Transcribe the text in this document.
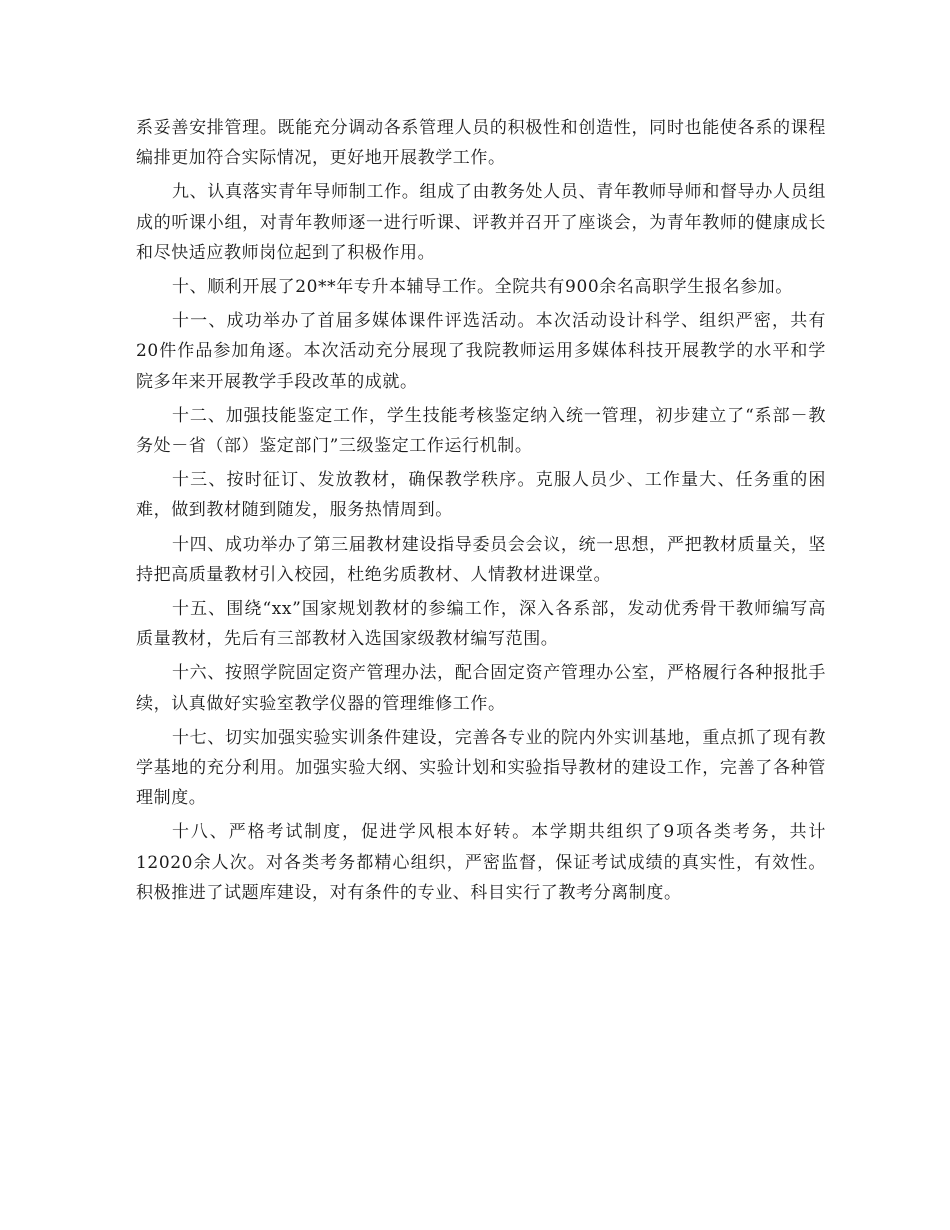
系妥善安排管理。既能充分调动各系管理人员的积极性和创造性，同时也能使各系的课程编排更加符合实际情况，更好地开展教学工作。

九、认真落实青年导师制工作。组成了由教务处人员、青年教师导师和督导办人员组成的听课小组，对青年教师逐一进行听课、评教并召开了座谈会，为青年教师的健康成长和尽快适应教师岗位起到了积极作用。

十、顺利开展了20**年专升本辅导工作。全院共有900余名高职学生报名参加。

十一、成功举办了首届多媒体课件评选活动。本次活动设计科学、组织严密，共有20件作品参加角逐。本次活动充分展现了我院教师运用多媒体科技开展教学的水平和学院多年来开展教学手段改革的成就。

十二、加强技能鉴定工作，学生技能考核鉴定纳入统一管理，初步建立了“系部－教务处－省（部）鉴定部门”三级鉴定工作运行机制。

十三、按时征订、发放教材，确保教学秩序。克服人员少、工作量大、任务重的困难，做到教材随到随发，服务热情周到。

十四、成功举办了第三届教材建设指导委员会会议，统一思想，严把教材质量关，坚持把高质量教材引入校园，杜绝劣质教材、人情教材进课堂。

十五、围绕“xx”国家规划教材的参编工作，深入各系部，发动优秀骨干教师编写高质量教材，先后有三部教材入选国家级教材编写范围。

十六、按照学院固定资产管理办法，配合固定资产管理办公室，严格履行各种报批手续，认真做好实验室教学仪器的管理维修工作。

十七、切实加强实验实训条件建设，完善各专业的院内外实训基地，重点抓了现有教学基地的充分利用。加强实验大纲、实验计划和实验指导教材的建设工作，完善了各种管理制度。

十八、严格考试制度，促进学风根本好转。本学期共组织了9项各类考务，共计12020余人次。对各类考务都精心组织，严密监督，保证考试成绩的真实性，有效性。积极推进了试题库建设，对有条件的专业、科目实行了教考分离制度。
